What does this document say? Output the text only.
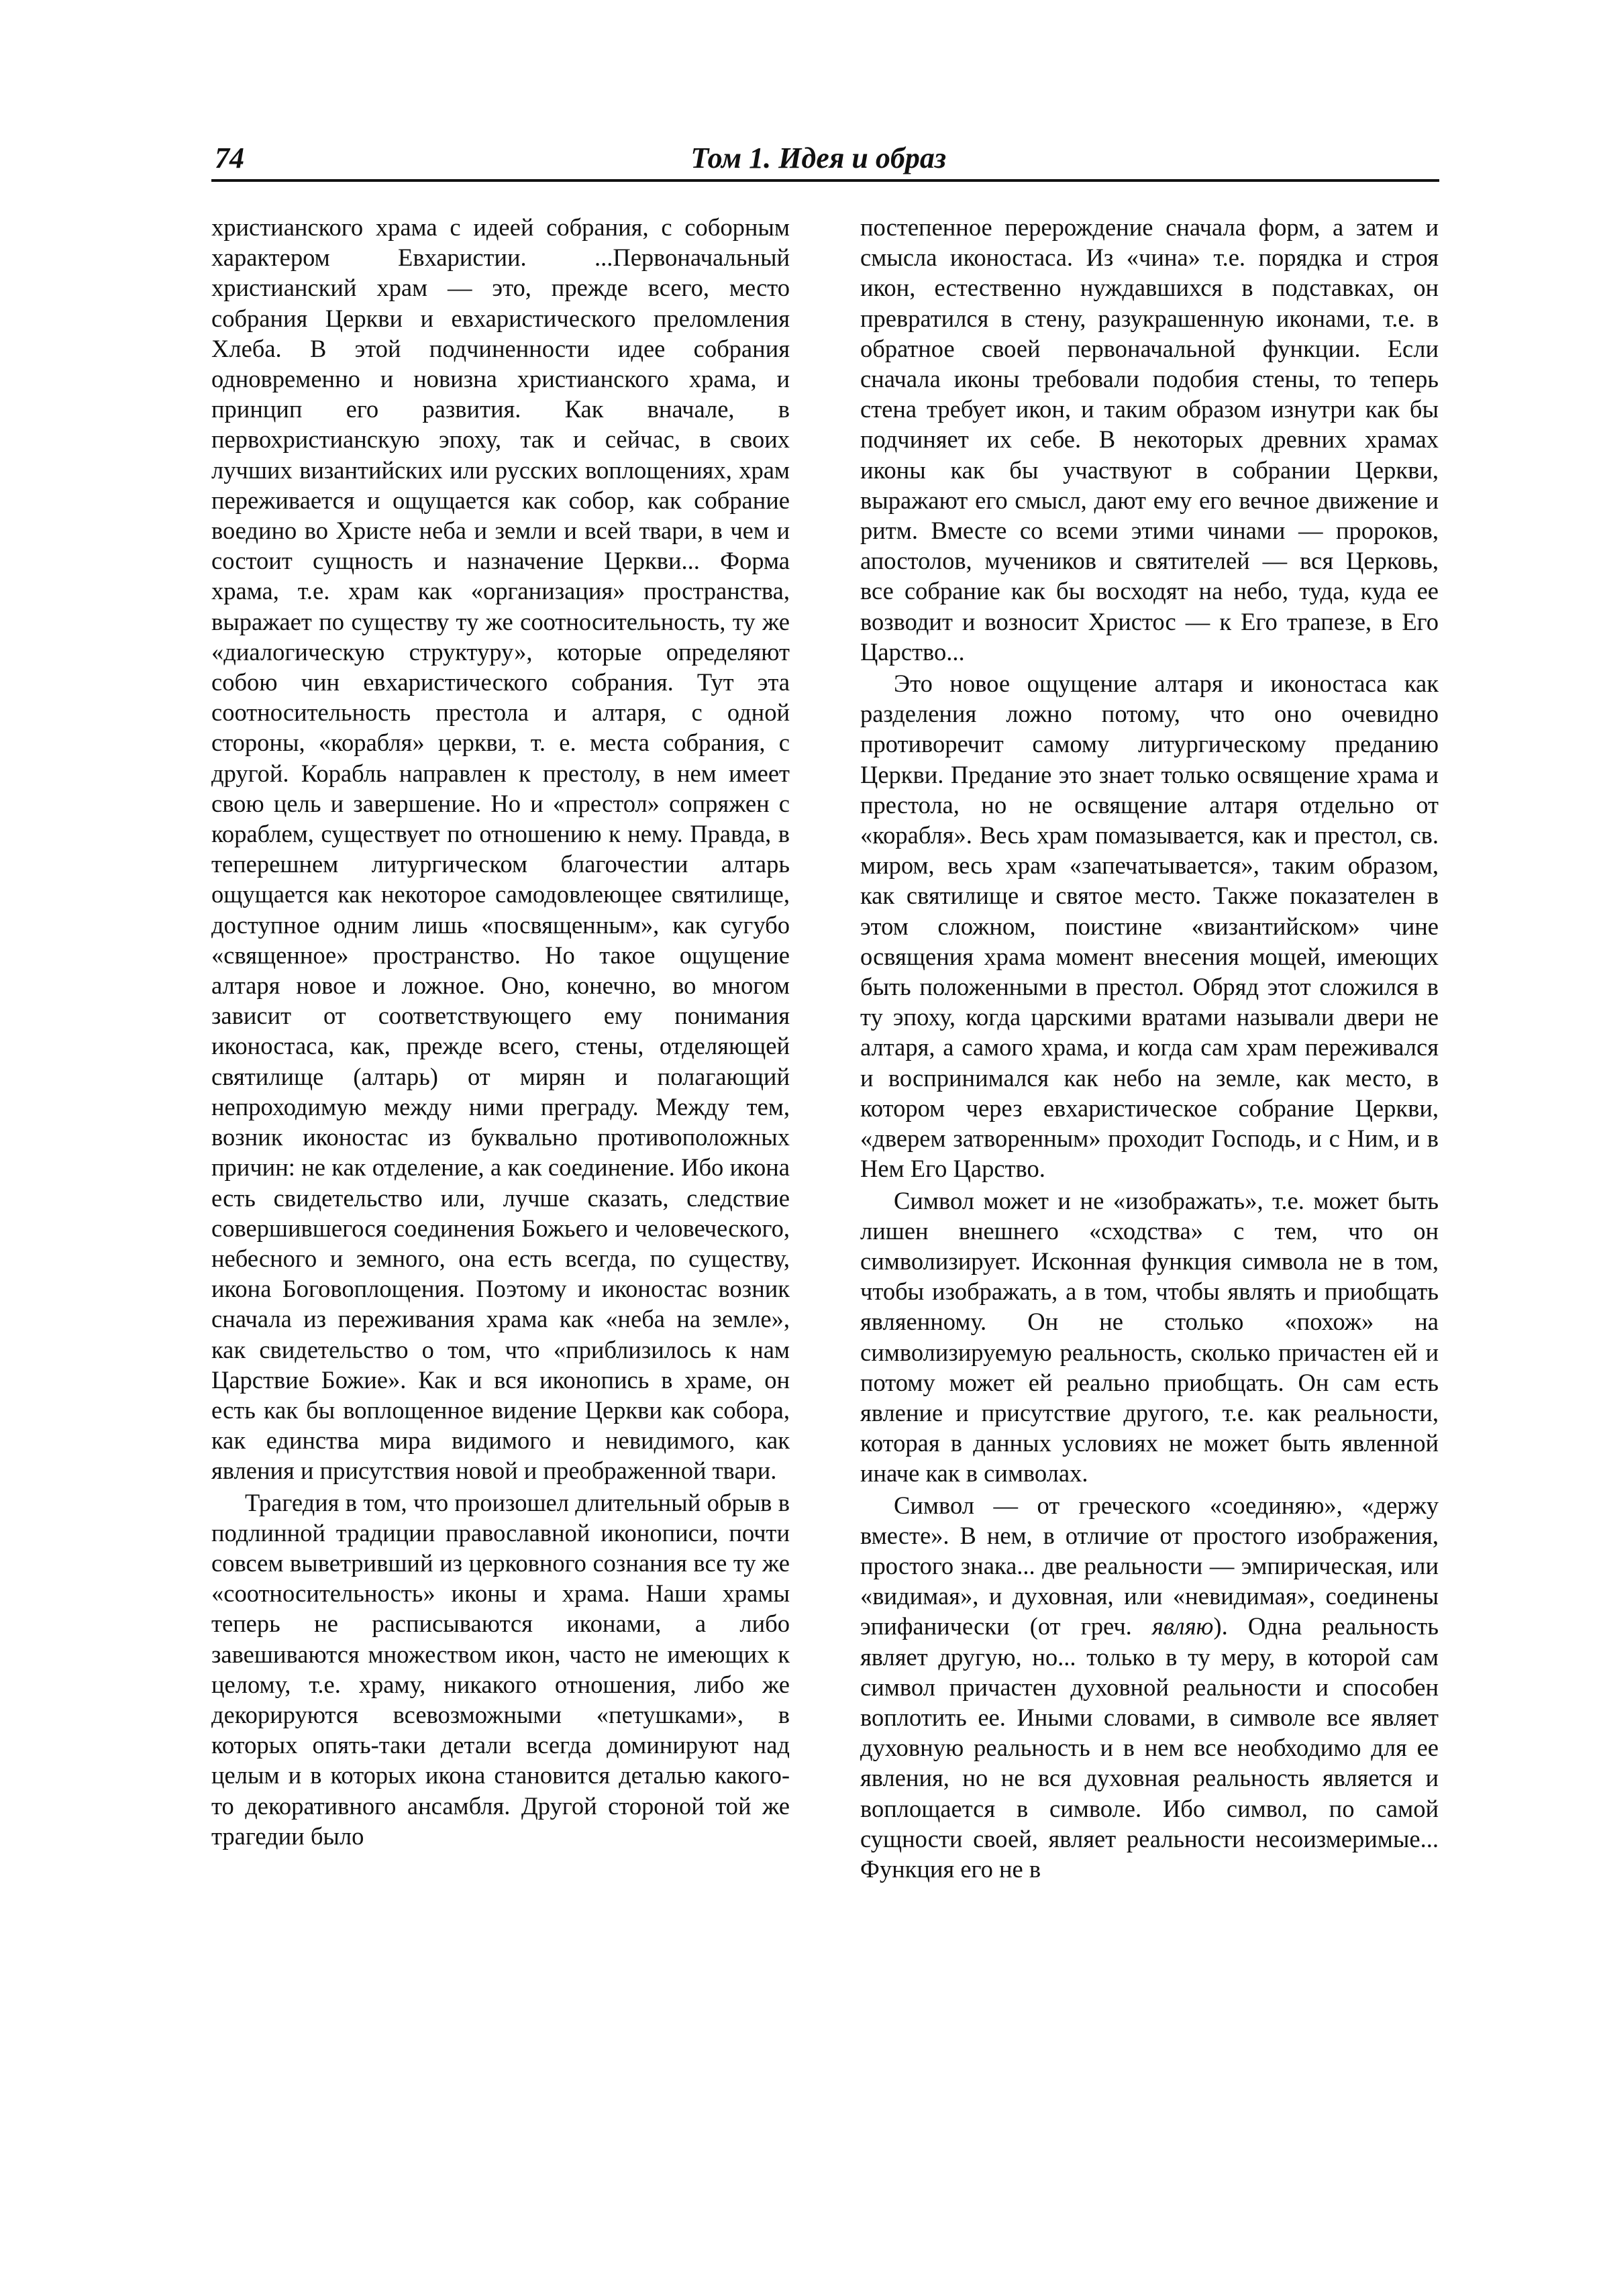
74	Том 1. Идея и образ

христианского храма с идеей собрания, с соборным характером Евхаристии. ...Первоначальный христианский храм — это, прежде всего, место собрания Церкви и евхаристического преломления Хлеба. В этой подчиненности идее собрания одновременно и новизна христианского храма, и принцип его развития. Как вначале, в первохристианскую эпоху, так и сейчас, в своих лучших византийских или русских воплощениях, храм переживается и ощущается как собор, как собрание воедино во Христе неба и земли и всей твари, в чем и состоит сущность и назначение Церкви... Форма храма, т.е. храм как «организация» пространства, выражает по существу ту же соотносительность, ту же «диалогическую структуру», которые определяют собою чин евхаристического собрания. Тут эта соотносительность престола и алтаря, с одной стороны, «корабля» церкви, т. е. места собрания, с другой. Корабль направлен к престолу, в нем имеет свою цель и завершение. Но и «престол» сопряжен с кораблем, существует по отношению к нему. Правда, в теперешнем литургическом благочестии алтарь ощущается как некоторое самодовлеющее святилище, доступное одним лишь «посвященным», как сугубо «священное» пространство. Но такое ощущение алтаря новое и ложное. Оно, конечно, во многом зависит от соответствующего ему понимания иконостаса, как, прежде всего, стены, отделяющей святилище (алтарь) от мирян и полагающий непроходимую между ними преграду. Между тем, возник иконостас из буквально противоположных причин: не как отделение, а как соединение. Ибо икона есть свидетельство или, лучше сказать, следствие совершившегося соединения Божьего и человеческого, небесного и земного, она есть всегда, по существу, икона Боговоплощения. Поэтому и иконостас возник сначала из переживания храма как «неба на земле», как свидетельство о том, что «приблизилось к нам Царствие Божие». Как и вся иконопись в храме, он есть как бы воплощенное видение Церкви как собора, как единства мира видимого и невидимого, как явления и присутствия новой и преображенной твари.

Трагедия в том, что произошел длительный обрыв в подлинной традиции православной иконописи, почти совсем выветривший из церковного сознания все ту же «соотносительность» иконы и храма. Наши храмы теперь не расписываются иконами, а либо завешиваются множеством икон, часто не имеющих к целому, т.е. храму, никакого отношения, либо же декорируются всевозможными «петушками», в которых опять-таки детали всегда доминируют над целым и в которых икона становится деталью какого-то декоративного ансамбля. Другой стороной той же трагедии было

постепенное перерождение сначала форм, а затем и смысла иконостаса. Из «чина» т.е. порядка и строя икон, естественно нуждавшихся в подставках, он превратился в стену, разукрашенную иконами, т.е. в обратное своей первоначальной функции. Если сначала иконы требовали подобия стены, то теперь стена требует икон, и таким образом изнутри как бы подчиняет их себе. В некоторых древних храмах иконы как бы участвуют в собрании Церкви, выражают его смысл, дают ему его вечное движение и ритм. Вместе со всеми этими чинами — пророков, апостолов, мучеников и святителей — вся Церковь, все собрание как бы восходят на небо, туда, куда ее возводит и возносит Христос — к Его трапезе, в Его Царство...

Это новое ощущение алтаря и иконостаса как разделения ложно потому, что оно очевидно противоречит самому литургическому преданию Церкви. Предание это знает только освящение храма и престола, но не освящение алтаря отдельно от «корабля». Весь храм помазывается, как и престол, св. миром, весь храм «запечатывается», таким образом, как святилище и святое место. Также показателен в этом сложном, поистине «византийском» чине освящения храма момент внесения мощей, имеющих быть положенными в престол. Обряд этот сложился в ту эпоху, когда царскими вратами называли двери не алтаря, а самого храма, и когда сам храм переживался и воспринимался как небо на земле, как место, в котором через евхаристическое собрание Церкви, «дверем затворенным» проходит Господь, и с Ним, и в Нем Его Царство.

Символ может и не «изображать», т.е. может быть лишен внешнего «сходства» с тем, что он символизирует. Исконная функция символа не в том, чтобы изображать, а в том, чтобы являть и приобщать являенному. Он не столько «похож» на символизируемую реальность, сколько причастен ей и потому может ей реально приобщать. Он сам есть явление и присутствие другого, т.е. как реальности, которая в данных условиях не может быть явленной иначе как в символах.

Символ — от греческого «соединяю», «держу вместе». В нем, в отличие от простого изображения, простого знака... две реальности — эмпирическая, или «видимая», и духовная, или «невидимая», соединены эпифанически (от греч. являю). Одна реальность являет другую, но... только в ту меру, в которой сам символ причастен духовной реальности и способен воплотить ее. Иными словами, в символе все являет духовную реальность и в нем все необходимо для ее явления, но не вся духовная реальность является и воплощается в символе. Ибо символ, по самой сущности своей, являет реальности несоизмеримые... Функция его не в
